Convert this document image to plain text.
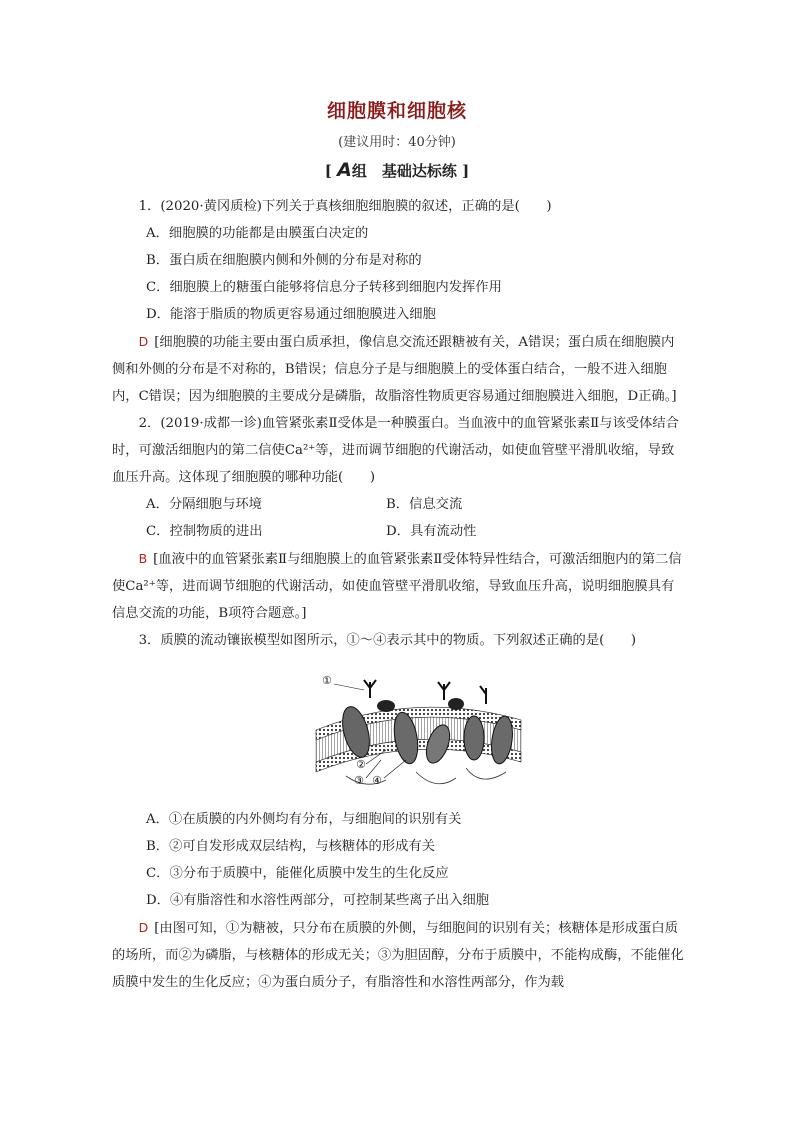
细胞膜和细胞核
(建议用时：40分钟)
[ A组　基础达标练 ]

1．(2020·黄冈质检)下列关于真核细胞细胞膜的叙述，正确的是(　　)

A．细胞膜的功能都是由膜蛋白决定的

B．蛋白质在细胞膜内侧和外侧的分布是对称的

C．细胞膜上的糖蛋白能够将信息分子转移到细胞内发挥作用

D．能溶于脂质的物质更容易通过细胞膜进入细胞

D [细胞膜的功能主要由蛋白质承担，像信息交流还跟糖被有关，A错误；蛋白质在细胞膜内侧和外侧的分布是不对称的，B错误；信息分子是与细胞膜上的受体蛋白结合，一般不进入细胞内，C错误；因为细胞膜的主要成分是磷脂，故脂溶性物质更容易通过细胞膜进入细胞，D正确。]

2．(2019·成都一诊)血管紧张素Ⅱ受体是一种膜蛋白。当血液中的血管紧张素Ⅱ与该受体结合时，可激活细胞内的第二信使Ca²⁺等，进而调节细胞的代谢活动，如使血管壁平滑肌收缩，导致血压升高。这体现了细胞膜的哪种功能(　　)

A．分隔细胞与环境	B．信息交流
C．控制物质的进出	D．具有流动性

B [血液中的血管紧张素Ⅱ与细胞膜上的血管紧张素Ⅱ受体特异性结合，可激活细胞内的第二信使Ca²⁺等，进而调节细胞的代谢活动，如使血管壁平滑肌收缩，导致血压升高，说明细胞膜具有信息交流的功能，B项符合题意。]

3．质膜的流动镶嵌模型如图所示，①～④表示其中的物质。下列叙述正确的是(　　)

①
②
③ ④

A．①在质膜的内外侧均有分布，与细胞间的识别有关

B．②可自发形成双层结构，与核糖体的形成有关

C．③分布于质膜中，能催化质膜中发生的生化反应

D．④有脂溶性和水溶性两部分，可控制某些离子出入细胞

D [由图可知，①为糖被，只分布在质膜的外侧，与细胞间的识别有关；核糖体是形成蛋白质的场所，而②为磷脂，与核糖体的形成无关；③为胆固醇，分布于质膜中，不能构成酶，不能催化质膜中发生的生化反应；④为蛋白质分子，有脂溶性和水溶性两部分，作为载
